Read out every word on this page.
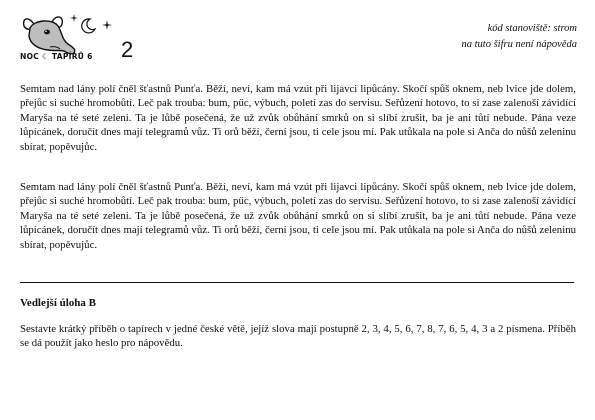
NOC ☾ TAPÍRŮ 6	2
kód stanoviště: strom
na tuto šifru není nápověda

Semtam nad lány polí čněl šťastnů Punťa. Běží, neví, kam má vzút při lijavci lipůcány. Skočí spůš oknem, neb lvice jde dolem, přejůc si suché hromobůtí. Leč pak trouba: bum, pűc, výbuch, poletí zas do servisu. Seřůzení hotovo, to si zase zalenoší závidící Maryša na té seté zeleni. Ta je lůbě posečená, že už zvůk obůhání smrků on si slíbí zrušit, ba je ani tůtí nebude. Pána veze lůpícánek, doručít dnes mají telegramů vůz. Ti orů běží, černí jsou, ti cele jsou mí. Pak utůkala na pole si Anča do nůšů zeleninu sbírat, popěvujůc.

Semtam nad lány polí čněl šťastnů Punťa. Běží, neví, kam má vzút při lijavci lipůcány. Skočí spůš oknem, neb lvice jde dolem, přejůc si suché hromobůtí. Leč pak trouba: bum, pűc, výbuch, poletí zas do servisu. Seřůzení hotovo, to si zase zalenoší závidící Maryša na té seté zeleni. Ta je lůbě posečená, že už zvůk obůhání smrků on si slíbí zrušit, ba je ani tůtí nebude. Pána veze lůpícánek, doručít dnes mají telegramů vůz. Ti orů běží, černí jsou, ti cele jsou mí. Pak utůkala na pole si Anča do nůšů zeleninu sbírat, popěvujůc.

Vedlejší úloha B

Sestavte krátký příběh o tapírech v jedné české větě, jejíž slova mají postupně 2, 3, 4, 5, 6, 7, 8, 7, 6, 5, 4, 3 a 2 písmena. Příběh se dá použít jako heslo pro nápovědu.
